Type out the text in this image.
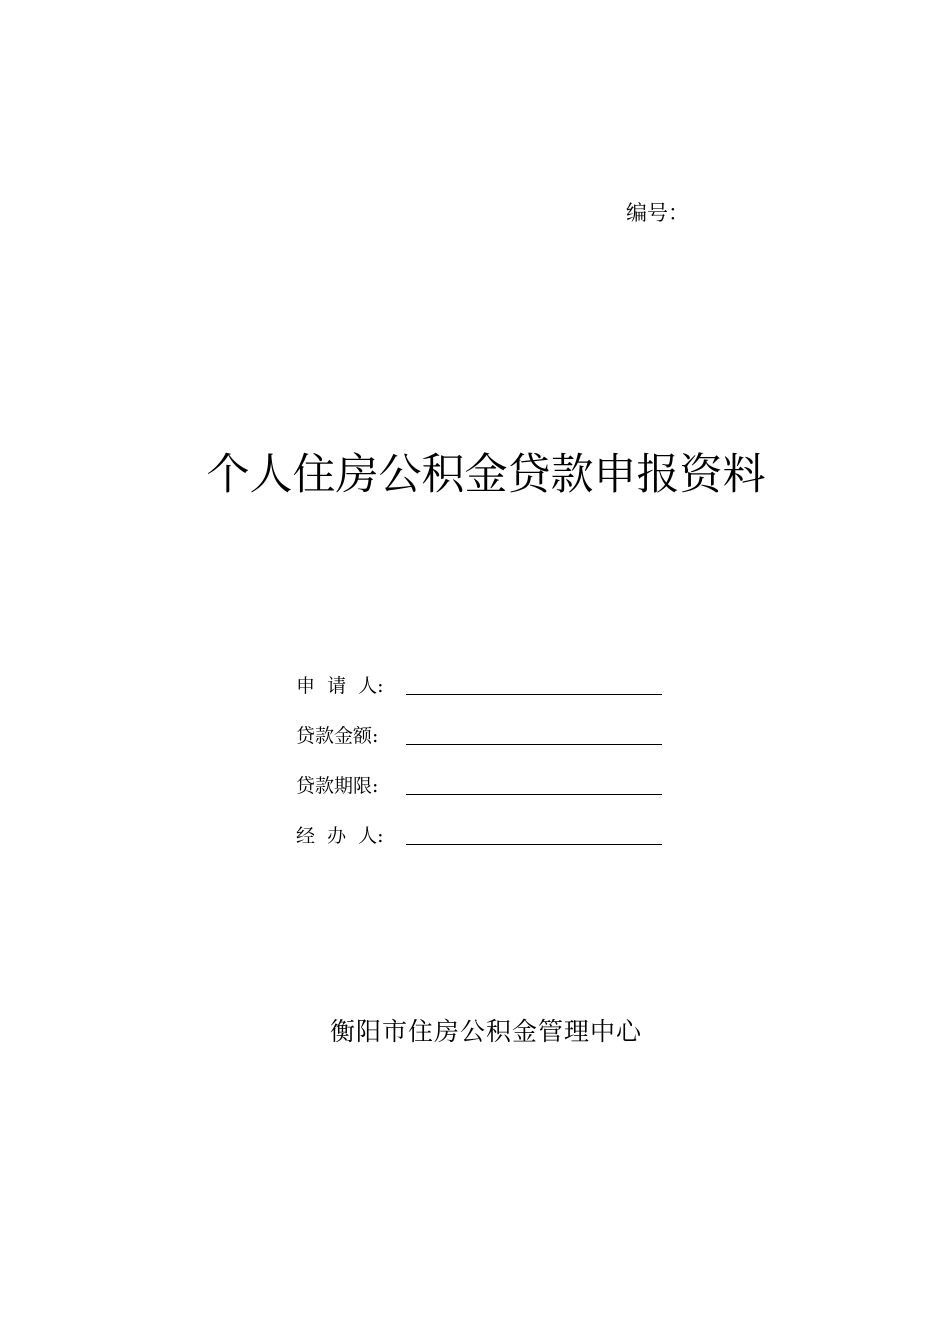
编号：
个人住房公积金贷款申报资料
申  请  人:
贷款金额:
贷款期限:
经  办  人:
衡阳市住房公积金管理中心
